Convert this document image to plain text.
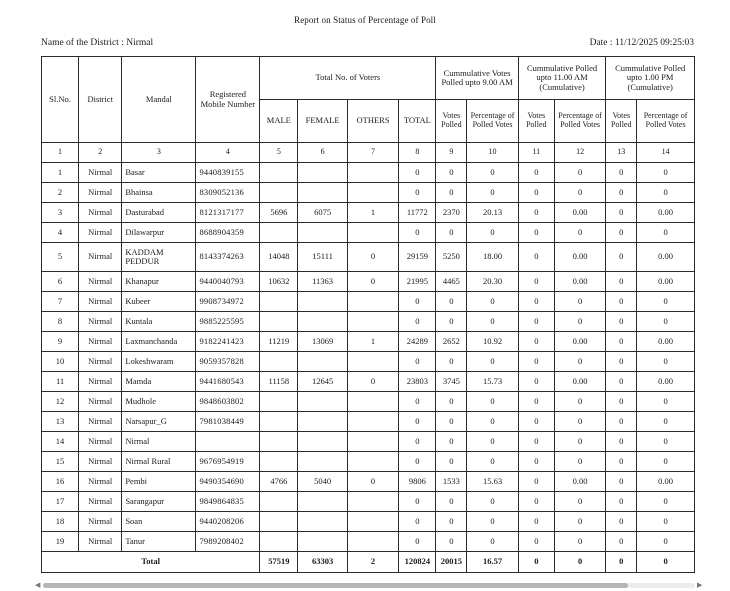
Report on Status of Percentage of Poll
Name of the District : Nirmal	Date : 11/12/2025 09:25:03
Sl.No.	District	Mandal	Registered Mobile Number	Total No. of Voters				Cummulative Votes Polled upto 9.00 AM		Cummulative Polled upto 11.00 AM (Cumulative)		Cummulative Polled upto 1.00 PM (Cumulative)	
				MALE	FEMALE	OTHERS	TOTAL	Votes Polled	Percentage of Polled Votes	Votes Polled	Percentage of Polled Votes	Votes Polled	Percentage of Polled Votes
1	2	3	4	5	6	7	8	9	10	11	12	13	14
1	Nirmal	Basar	9440839155				0	0	0	0	0	0	0
2	Nirmal	Bhainsa	8309052136				0	0	0	0	0	0	0
3	Nirmal	Dasturabad	8121317177	5696	6075	1	11772	2370	20.13	0	0.00	0	0.00
4	Nirmal	Dilawarpur	8688904359				0	0	0	0	0	0	0
5	Nirmal	KADDAM PEDDUR	8143374263	14048	15111	0	29159	5250	18.00	0	0.00	0	0.00
6	Nirmal	Khanapur	9440040793	10632	11363	0	21995	4465	20.30	0	0.00	0	0.00
7	Nirmal	Kubeer	9908734972				0	0	0	0	0	0	0
8	Nirmal	Kuntala	9885225595				0	0	0	0	0	0	0
9	Nirmal	Laxmanchanda	9182241423	11219	13069	1	24289	2652	10.92	0	0.00	0	0.00
10	Nirmal	Lokeshwaram	9059357828				0	0	0	0	0	0	0
11	Nirmal	Mamda	9441680543	11158	12645	0	23803	3745	15.73	0	0.00	0	0.00
12	Nirmal	Mudhole	9848603802				0	0	0	0	0	0	0
13	Nirmal	Narsapur_G	7981038449				0	0	0	0	0	0	0
14	Nirmal	Nirmal					0	0	0	0	0	0	0
15	Nirmal	Nirmal Rural	9676954919				0	0	0	0	0	0	0
16	Nirmal	Pembi	9490354690	4766	5040	0	9806	1533	15.63	0	0.00	0	0.00
17	Nirmal	Sarangapur	9849864835				0	0	0	0	0	0	0
18	Nirmal	Soan	9440208206				0	0	0	0	0	0	0
19	Nirmal	Tanur	7989208402				0	0	0	0	0	0	0
Total				57519	63303	2	120824	20015	16.57	0	0	0	0
◀	▶
